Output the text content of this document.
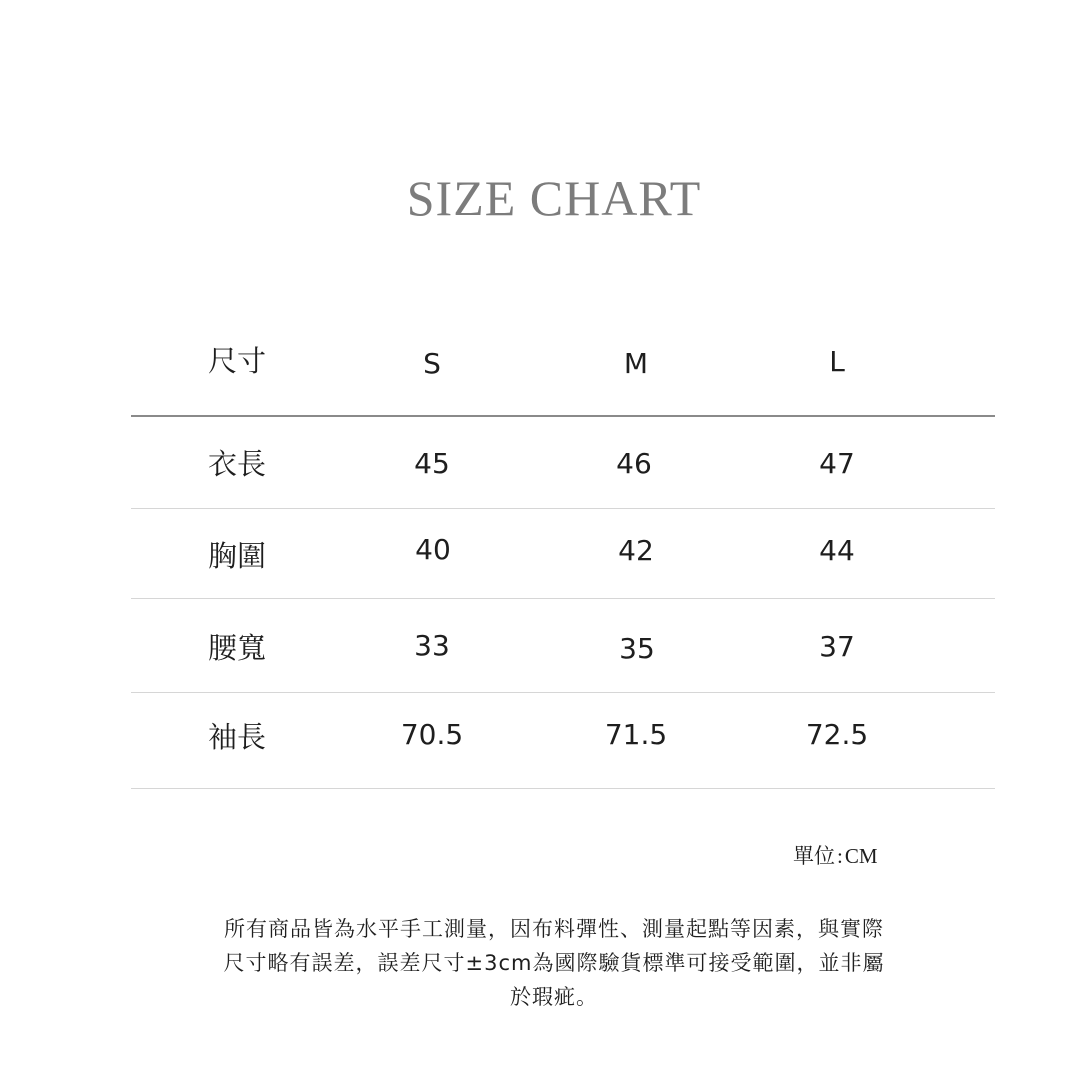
SIZE CHART
尺寸	S	M	L
衣長	45	46	47
胸圍	40	42	44
腰寬	33	35	37
袖長	70.5	71.5	72.5
單位:CM
所有商品皆為水平手工測量，因布料彈性、測量起點等因素，與實際
尺寸略有誤差，誤差尺寸±3cm為國際驗貨標準可接受範圍，並非屬
於瑕疵。
